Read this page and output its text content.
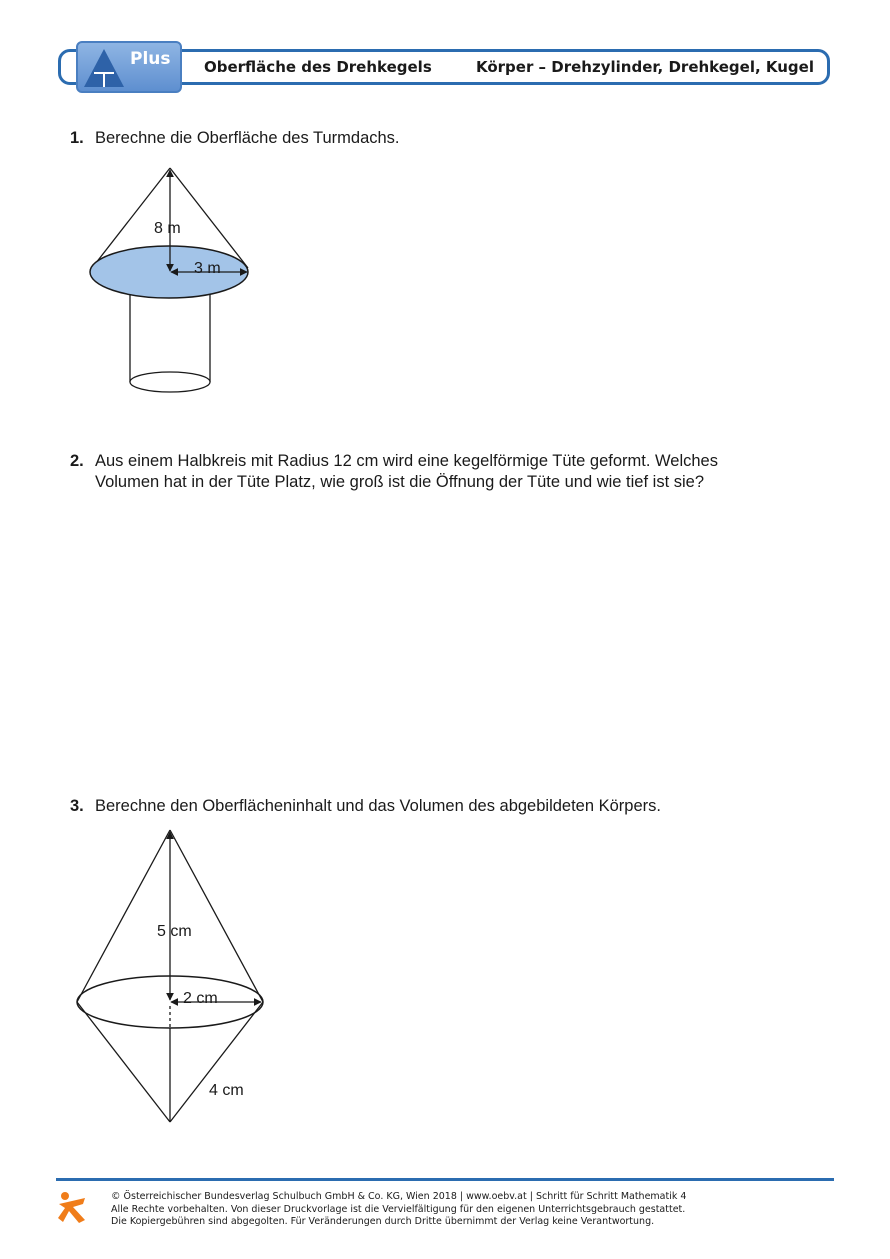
Plus Oberfläche des Drehkegels	Körper – Drehzylinder, Drehkegel, Kugel
1. Berechne die Oberfläche des Turmdachs.
8 m
3 m
2. Aus einem Halbkreis mit Radius 12 cm wird eine kegelförmige Tüte geformt. Welches
Volumen hat in der Tüte Platz, wie groß ist die Öffnung der Tüte und wie tief ist sie?
3. Berechne den Oberflächeninhalt und das Volumen des abgebildeten Körpers.
5 cm
2 cm
4 cm
© Österreichischer Bundesverlag Schulbuch GmbH & Co. KG, Wien 2018 | www.oebv.at | Schritt für Schritt Mathematik 4
Alle Rechte vorbehalten. Von dieser Druckvorlage ist die Vervielfältigung für den eigenen Unterrichtsgebrauch gestattet.
Die Kopiergebühren sind abgegolten. Für Veränderungen durch Dritte übernimmt der Verlag keine Verantwortung.
